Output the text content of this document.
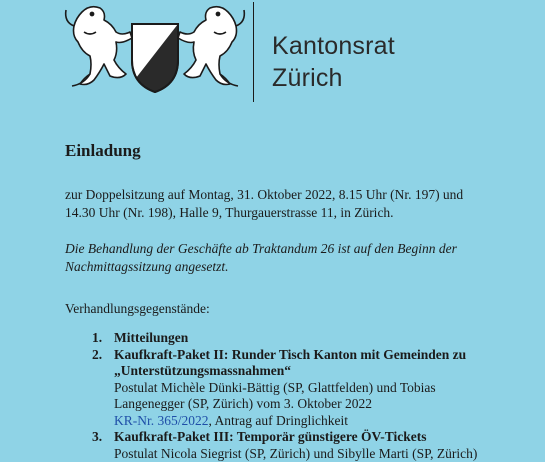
Kantonsrat
Zürich
Einladung
zur Doppelsitzung auf Montag, 31. Oktober 2022, 8.15 Uhr (Nr. 197) und
14.30 Uhr (Nr. 198), Halle 9, Thurgauerstrasse 11, in Zürich.
Die Behandlung der Geschäfte ab Traktandum 26 ist auf den Beginn der
Nachmittagssitzung angesetzt.
Verhandlungsgegenstände:
1. Mitteilungen
2. Kaufkraft-Paket II: Runder Tisch Kanton mit Gemeinden zu
„Unterstützungsmassnahmen“
Postulat Michèle Dünki-Bättig (SP, Glattfelden) und Tobias
Langenegger (SP, Zürich) vom 3. Oktober 2022
KR-Nr. 365/2022, Antrag auf Dringlichkeit
3. Kaufkraft-Paket III: Temporär günstigere ÖV-Tickets
Postulat Nicola Siegrist (SP, Zürich) und Sibylle Marti (SP, Zürich)
